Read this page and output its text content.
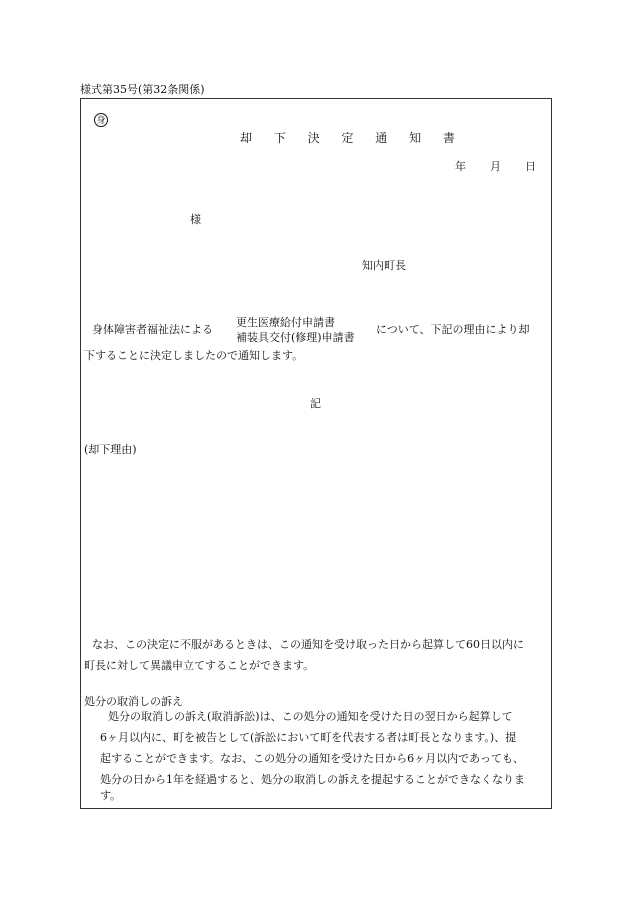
様式第35号(第32条関係)
身
却 下 決 定 通 知 書
年 月 日
様
知内町長
身体障害者福祉法による
更生医療給付申請書
補装具交付(修理)申請書
について、下記の理由により却
下することに決定しましたので通知します。
記
(却下理由)
なお、この決定に不服があるときは、この通知を受け取った日から起算して60日以内に
町長に対して異議申立てすることができます。
処分の取消しの訴え
処分の取消しの訴え(取消訴訟)は、この処分の通知を受けた日の翌日から起算して
6ヶ月以内に、町を被告として(訴訟において町を代表する者は町長となります。)、提
起することができます。なお、この処分の通知を受けた日から6ヶ月以内であっても、
処分の日から1年を経過すると、処分の取消しの訴えを提起することができなくなりま
す。
